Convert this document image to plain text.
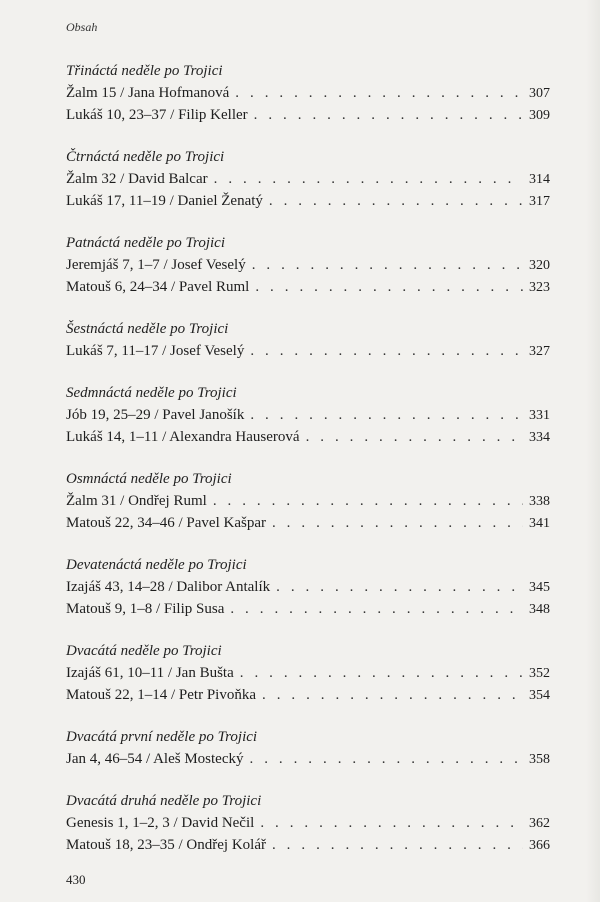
Obsah
Třináctá neděle po Trojici
Žalm 15 / Jana Hofmanová . . .	307
Lukáš 10, 23–37 / Filip Keller . . .	309
Čtrnáctá neděle po Trojici
Žalm 32 / David Balcar . . .	314
Lukáš 17, 11–19 / Daniel Ženatý . . .	317
Patnáctá neděle po Trojici
Jeremjáš 7, 1–7 / Josef Veselý . . .	320
Matouš 6, 24–34 / Pavel Ruml . . .	323
Šestnáctá neděle po Trojici
Lukáš 7, 11–17 / Josef Veselý . . .	327
Sedmnáctá neděle po Trojici
Jób 19, 25–29 / Pavel Janošík . . .	331
Lukáš 14, 1–11 / Alexandra Hauserová . . .	334
Osmnáctá neděle po Trojici
Žalm 31 / Ondřej Ruml . . .	338
Matouš 22, 34–46 / Pavel Kašpar . . .	341
Devatenáctá neděle po Trojici
Izajáš 43, 14–28 / Dalibor Antalík . . .	345
Matouš 9, 1–8 / Filip Susa . . .	348
Dvacátá neděle po Trojici
Izajáš 61, 10–11 / Jan Bušta . . .	352
Matouš 22, 1–14 / Petr Pivoňka . . .	354
Dvacátá první neděle po Trojici
Jan 4, 46–54 / Aleš Mostecký . . .	358
Dvacátá druhá neděle po Trojici
Genesis 1, 1–2, 3 / David Nečil . . .	362
Matouš 18, 23–35 / Ondřej Kolář . . .	366
430
